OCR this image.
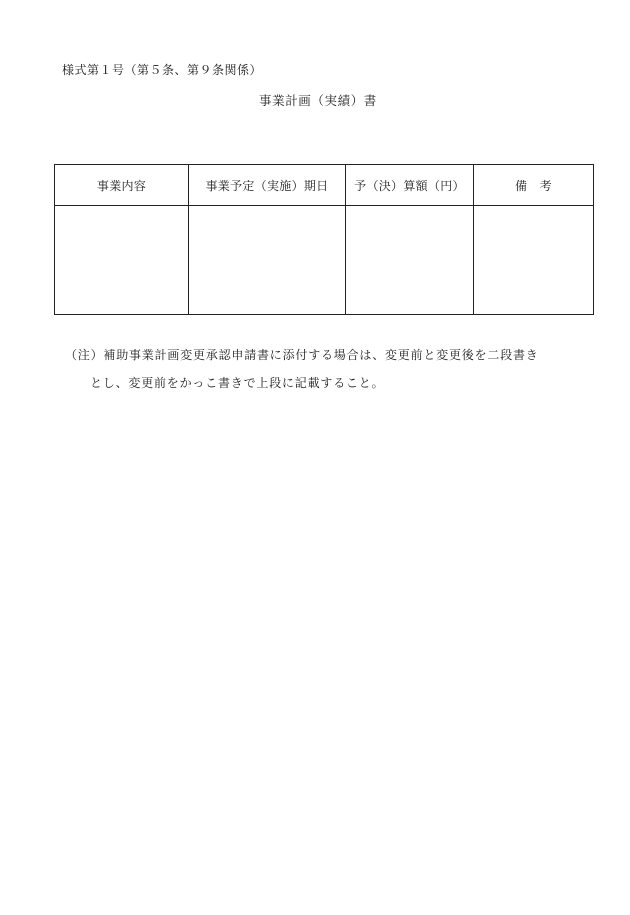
様式第１号（第５条、第９条関係）
事業計画（実績）書
事業内容	事業予定（実施）期日	予（決）算額（円）	備　考

（注）補助事業計画変更承認申請書に添付する場合は、変更前と変更後を二段書き
とし、変更前をかっこ書きで上段に記載すること。
